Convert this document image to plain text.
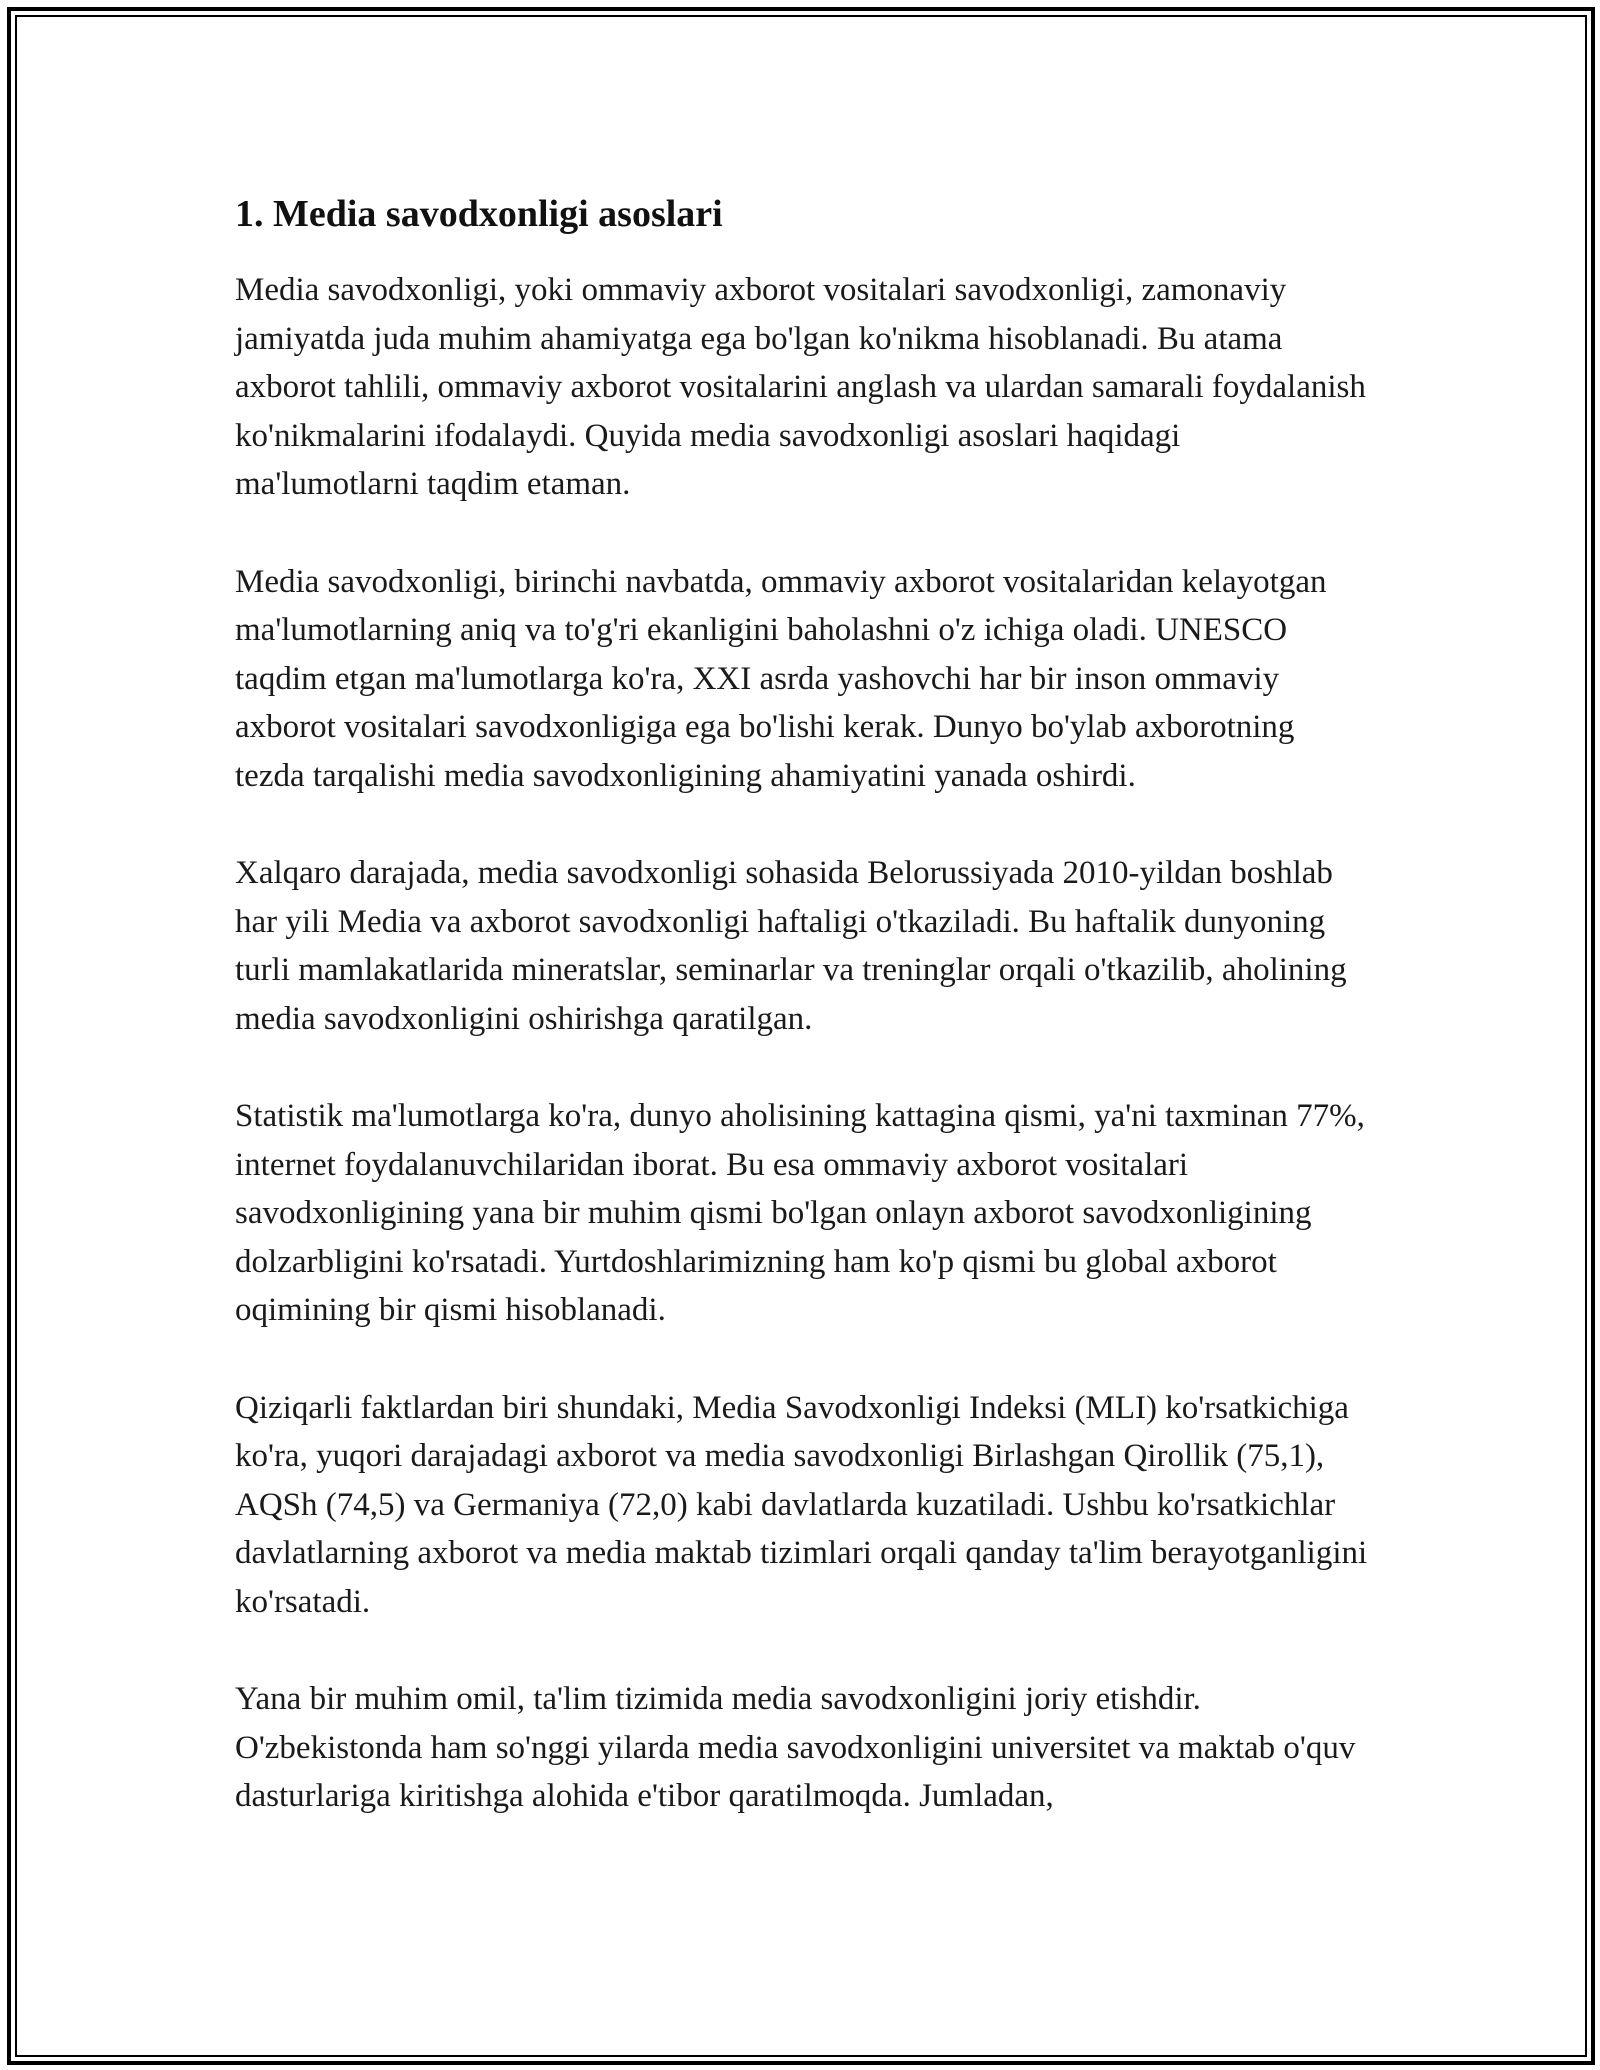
1. Media savodxonligi asoslari

Media savodxonligi, yoki ommaviy axborot vositalari savodxonligi, zamonaviy jamiyatda juda muhim ahamiyatga ega bo'lgan ko'nikma hisoblanadi. Bu atama axborot tahlili, ommaviy axborot vositalarini anglash va ulardan samarali foydalanish ko'nikmalarini ifodalaydi. Quyida media savodxonligi asoslari haqidagi ma'lumotlarni taqdim etaman.

Media savodxonligi, birinchi navbatda, ommaviy axborot vositalaridan kelayotgan ma'lumotlarning aniq va to'g'ri ekanligini baholashni o'z ichiga oladi. UNESCO taqdim etgan ma'lumotlarga ko'ra, XXI asrda yashovchi har bir inson ommaviy axborot vositalari savodxonligiga ega bo'lishi kerak. Dunyo bo'ylab axborotning tezda tarqalishi media savodxonligining ahamiyatini yanada oshirdi.

Xalqaro darajada, media savodxonligi sohasida Belorussiyada 2010-yildan boshlab har yili Media va axborot savodxonligi haftaligi o'tkaziladi. Bu haftalik dunyoning turli mamlakatlarida mineratslar, seminarlar va treninglar orqali o'tkazilib, aholining media savodxonligini oshirishga qaratilgan.

Statistik ma'lumotlarga ko'ra, dunyo aholisining kattagina qismi, ya'ni taxminan 77%, internet foydalanuvchilaridan iborat. Bu esa ommaviy axborot vositalari savodxonligining yana bir muhim qismi bo'lgan onlayn axborot savodxonligining dolzarbligini ko'rsatadi. Yurtdoshlarimizning ham ko'p qismi bu global axborot oqimining bir qismi hisoblanadi.

Qiziqarli faktlardan biri shundaki, Media Savodxonligi Indeksi (MLI) ko'rsatkichiga ko'ra, yuqori darajadagi axborot va media savodxonligi Birlashgan Qirollik (75,1), AQSh (74,5) va Germaniya (72,0) kabi davlatlarda kuzatiladi. Ushbu ko'rsatkichlar davlatlarning axborot va media maktab tizimlari orqali qanday ta'lim berayotganligini ko'rsatadi.

Yana bir muhim omil, ta'lim tizimida media savodxonligini joriy etishdir. O'zbekistonda ham so'nggi yilarda media savodxonligini universitet va maktab o'quv dasturlariga kiritishga alohida e'tibor qaratilmoqda. Jumladan,
